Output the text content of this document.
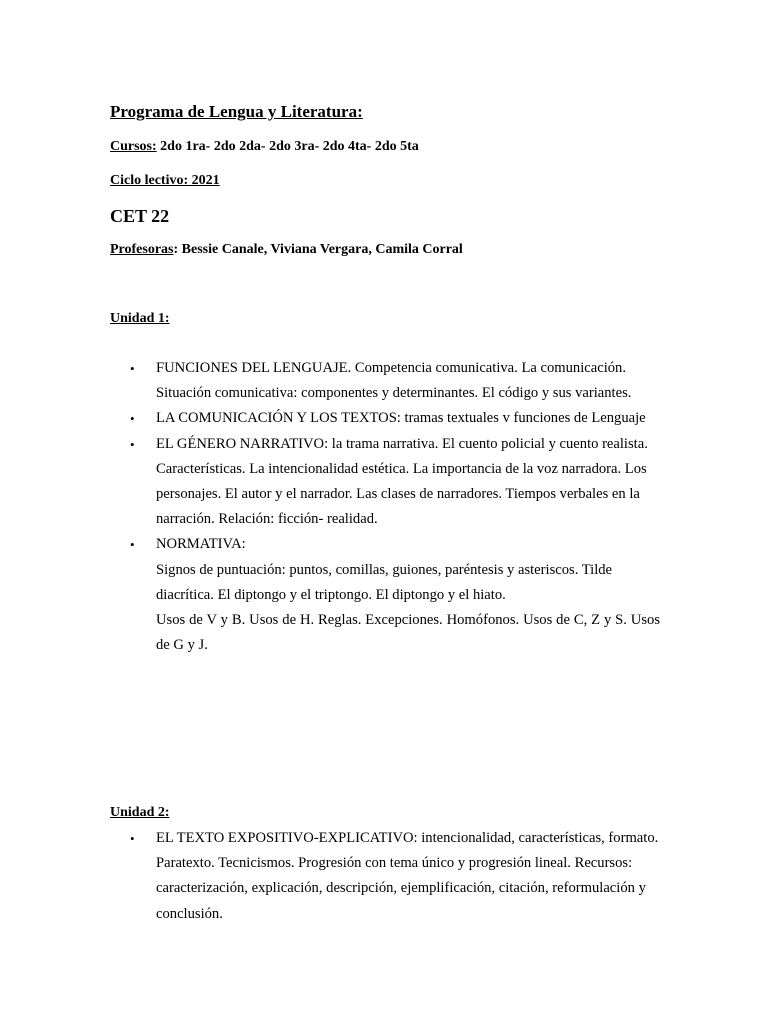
Programa de Lengua y Literatura:
Cursos: 2do 1ra- 2do 2da- 2do 3ra- 2do 4ta- 2do 5ta
Ciclo lectivo: 2021
CET 22
Profesoras: Bessie Canale, Viviana Vergara, Camila Corral
Unidad 1:
•	FUNCIONES DEL LENGUAJE. Competencia comunicativa. La comunicación. Situación comunicativa: componentes y determinantes. El código y sus variantes.
•	LA COMUNICACIÓN Y LOS TEXTOS: tramas textuales v funciones de Lenguaje
•	EL GÉNERO NARRATIVO: la trama narrativa. El cuento policial y cuento realista. Características. La intencionalidad estética. La importancia de la voz narradora. Los personajes. El autor y el narrador. Las clases de narradores. Tiempos verbales en la narración. Relación: ficción- realidad.
•	NORMATIVA:
Signos de puntuación: puntos, comillas, guiones, paréntesis y asteriscos. Tilde diacrítica. El diptongo y el triptongo. El diptongo y el hiato.
Usos de V y B. Usos de H. Reglas. Excepciones. Homófonos. Usos de C, Z y S. Usos de G y J.
Unidad 2:
•	EL TEXTO EXPOSITIVO-EXPLICATIVO: intencionalidad, características, formato. Paratexto. Tecnicismos. Progresión con tema único y progresión lineal. Recursos: caracterización, explicación, descripción, ejemplificación, citación, reformulación y conclusión.
